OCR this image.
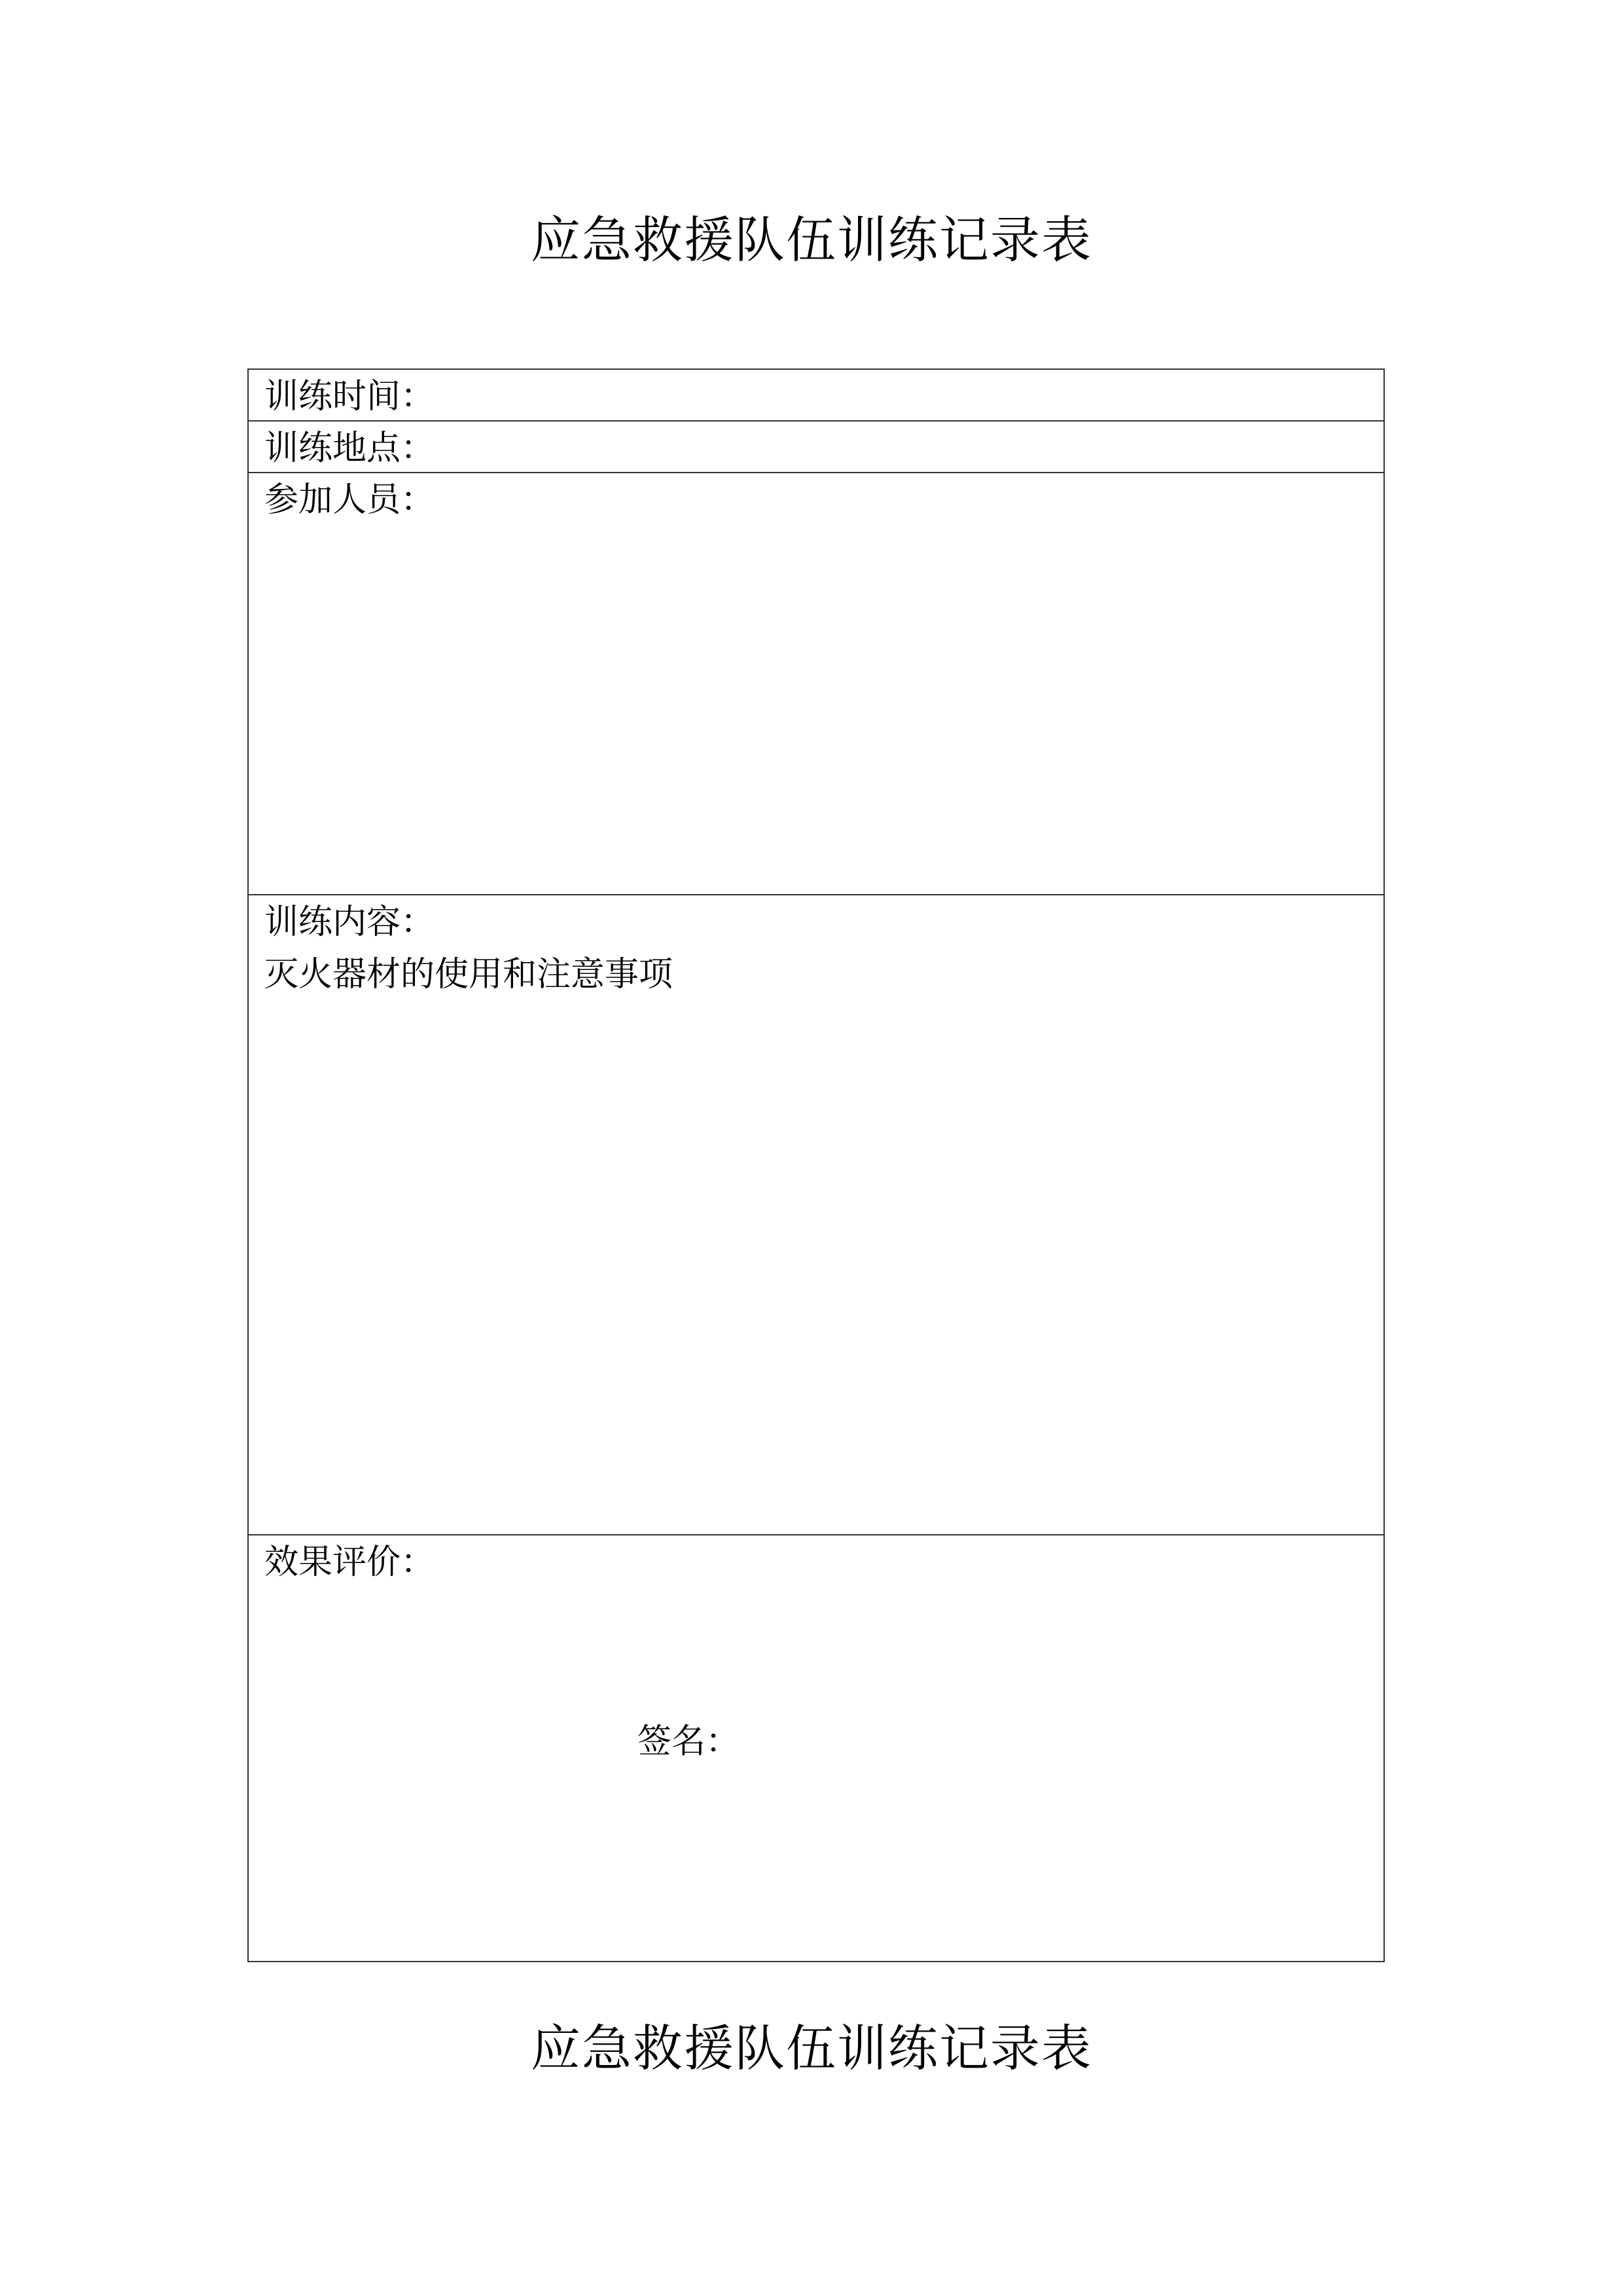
应急救援队伍训练记录表
训练时间：
训练地点：
参加人员：
训练内容：
灭火器材的使用和注意事项

效果评价：
签名：
应急救援队伍训练记录表
